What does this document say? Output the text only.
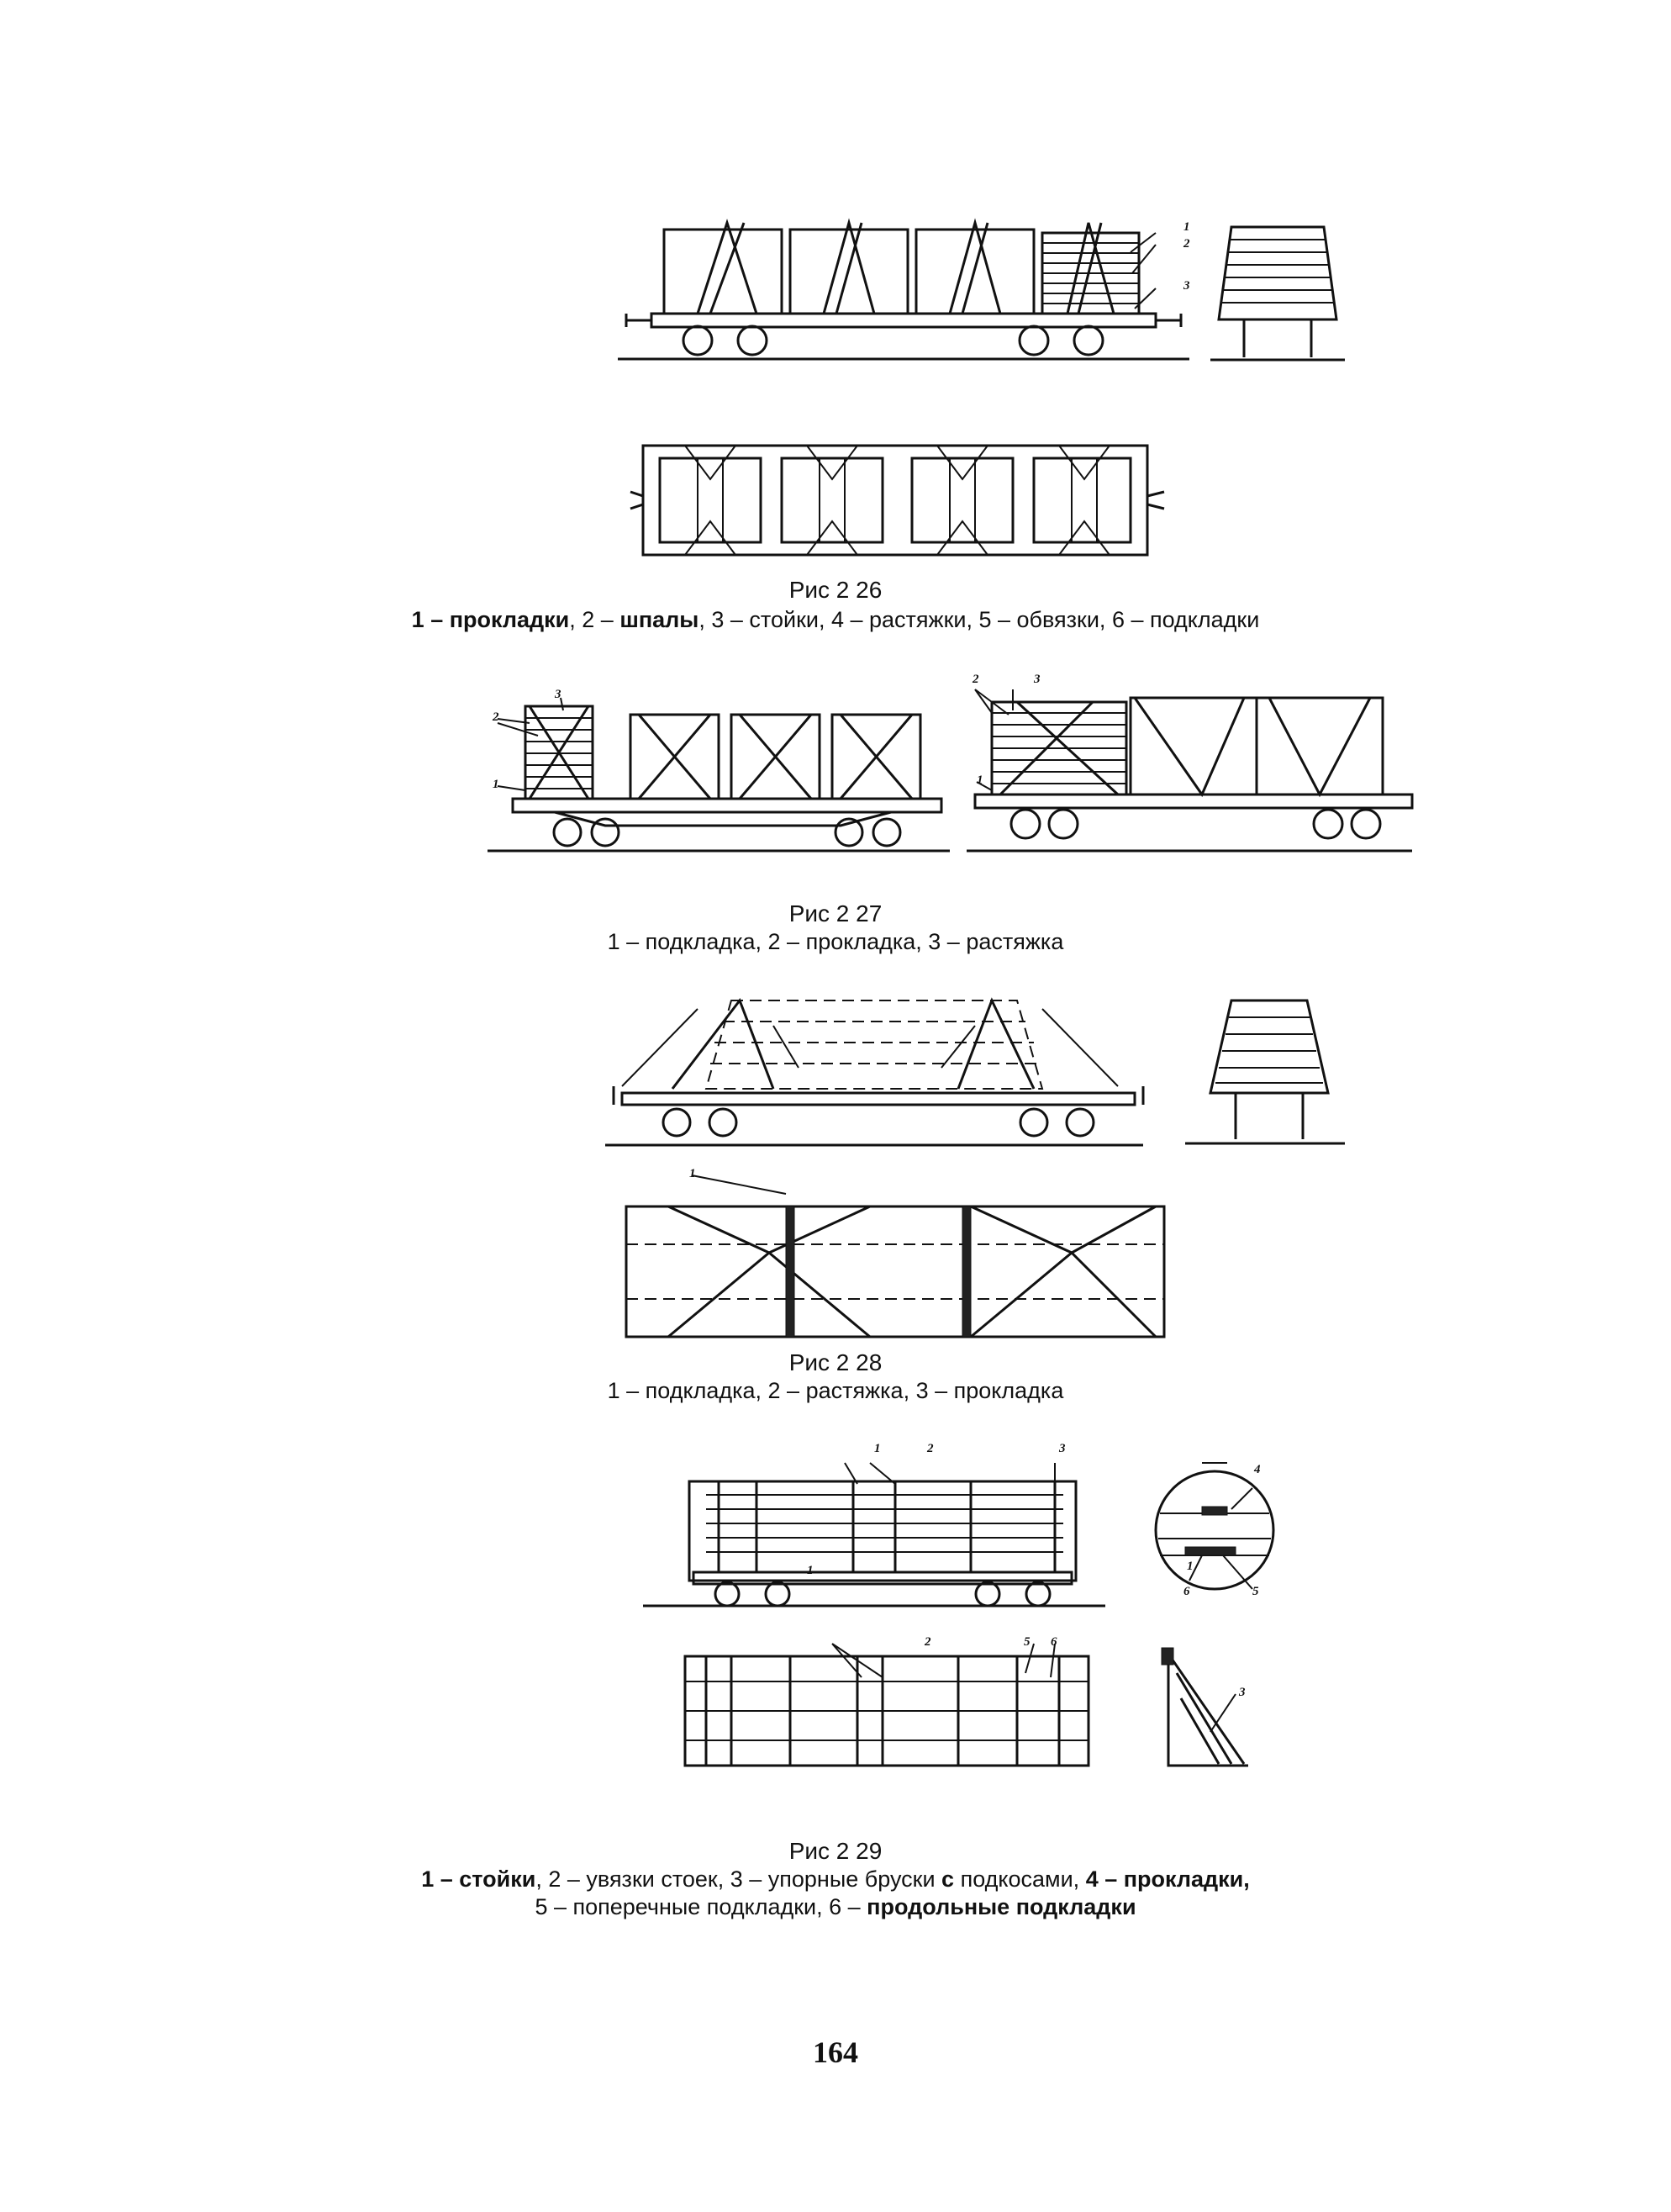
1
2
3
Рис 2 26
1 – прокладки, 2 – шпалы, 3 – стойки, 4 – растяжки, 5 – обвязки, 6 – подкладки
3
2
1
2	3
1
Рис 2 27
1 – подкладка, 2 – прокладка, 3 – растяжка
1
Рис 2 28
1 – подкладка, 2 – растяжка, 3 – прокладка
1	2	3
1
4
1
6	5
2	5 6
3
Рис 2 29
1 – стойки, 2 – увязки стоек, 3 – упорные бруски с подкосами, 4 – прокладки,
5 – поперечные подкладки, 6 – продольные подкладки
164
